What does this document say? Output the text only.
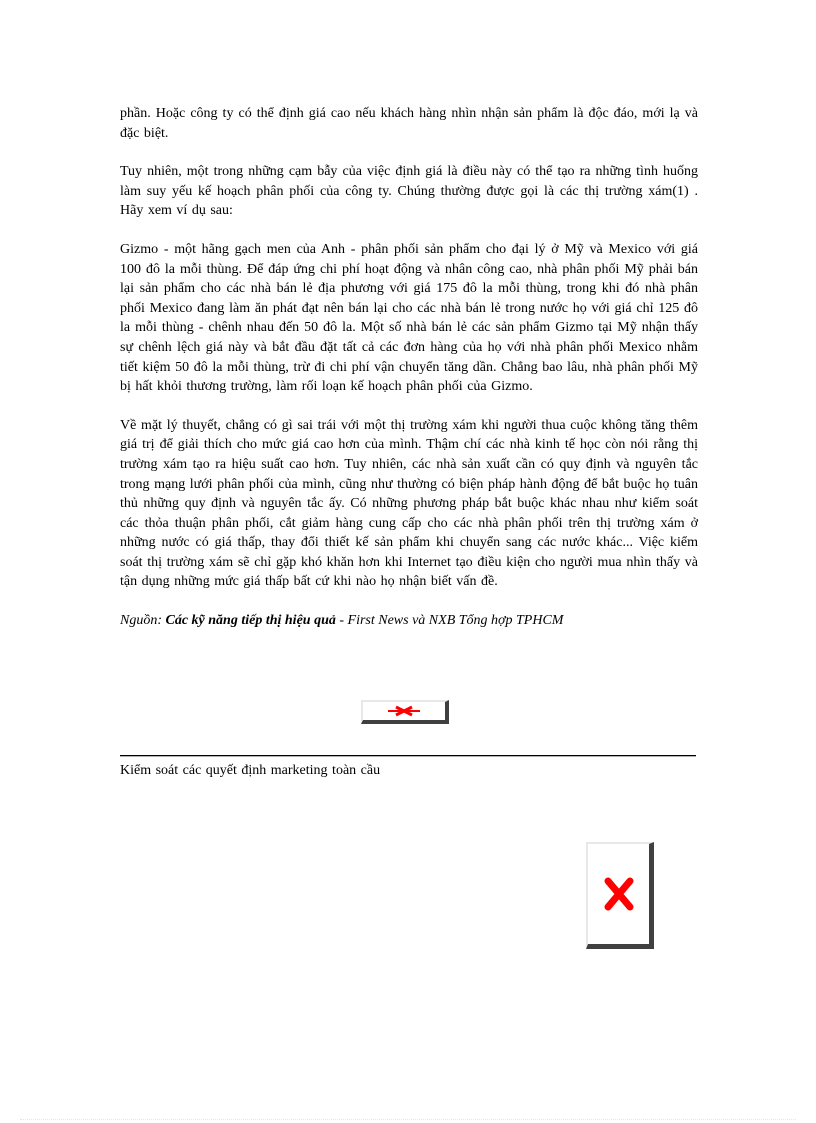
phần. Hoặc công ty có thể định giá cao nếu khách hàng nhìn nhận sản phẩm là độc đáo, mới lạ và đặc biệt.

Tuy nhiên, một trong những cạm bẫy của việc định giá là điều này có thể tạo ra những tình huống làm suy yếu kế hoạch phân phối của công ty. Chúng thường được gọi là các thị trường xám(1) . Hãy xem ví dụ sau:

Gizmo - một hãng gạch men của Anh - phân phối sản phẩm cho đại lý ở Mỹ và Mexico với giá 100 đô la mỗi thùng. Để đáp ứng chi phí hoạt động và nhân công cao, nhà phân phối Mỹ phải bán lại sản phẩm cho các nhà bán lẻ địa phương với giá 175 đô la mỗi thùng, trong khi đó nhà phân phối Mexico đang làm ăn phát đạt nên bán lại cho các nhà bán lẻ trong nước họ với giá chỉ 125 đô la mỗi thùng - chênh nhau đến 50 đô la. Một số nhà bán lẻ các sản phẩm Gizmo tại Mỹ nhận thấy sự chênh lệch giá này và bắt đầu đặt tất cả các đơn hàng của họ với nhà phân phối Mexico nhằm tiết kiệm 50 đô la mỗi thùng, trừ đi chi phí vận chuyển tăng dần. Chẳng bao lâu, nhà phân phối Mỹ bị hất khỏi thương trường, làm rối loạn kế hoạch phân phối của Gizmo.

Về mặt lý thuyết, chẳng có gì sai trái với một thị trường xám khi người thua cuộc không tăng thêm giá trị để giải thích cho mức giá cao hơn của mình. Thậm chí các nhà kinh tế học còn nói rằng thị trường xám tạo ra hiệu suất cao hơn. Tuy nhiên, các nhà sản xuất cần có quy định và nguyên tắc trong mạng lưới phân phối của mình, cũng như thường có biện pháp hành động để bắt buộc họ tuân thủ những quy định và nguyên tắc ấy. Có những phương pháp bắt buộc khác nhau như kiểm soát các thỏa thuận phân phối, cắt giảm hàng cung cấp cho các nhà phân phối trên thị trường xám ở những nước có giá thấp, thay đổi thiết kế sản phẩm khi chuyển sang các nước khác... Việc kiểm soát thị trường xám sẽ chỉ gặp khó khăn hơn khi Internet tạo điều kiện cho người mua nhìn thấy và tận dụng những mức giá thấp bất cứ khi nào họ nhận biết vấn đề.

Nguồn: Các kỹ năng tiếp thị hiệu quả - First News và NXB Tổng hợp TPHCM

Kiểm soát các quyết định marketing toàn cầu
